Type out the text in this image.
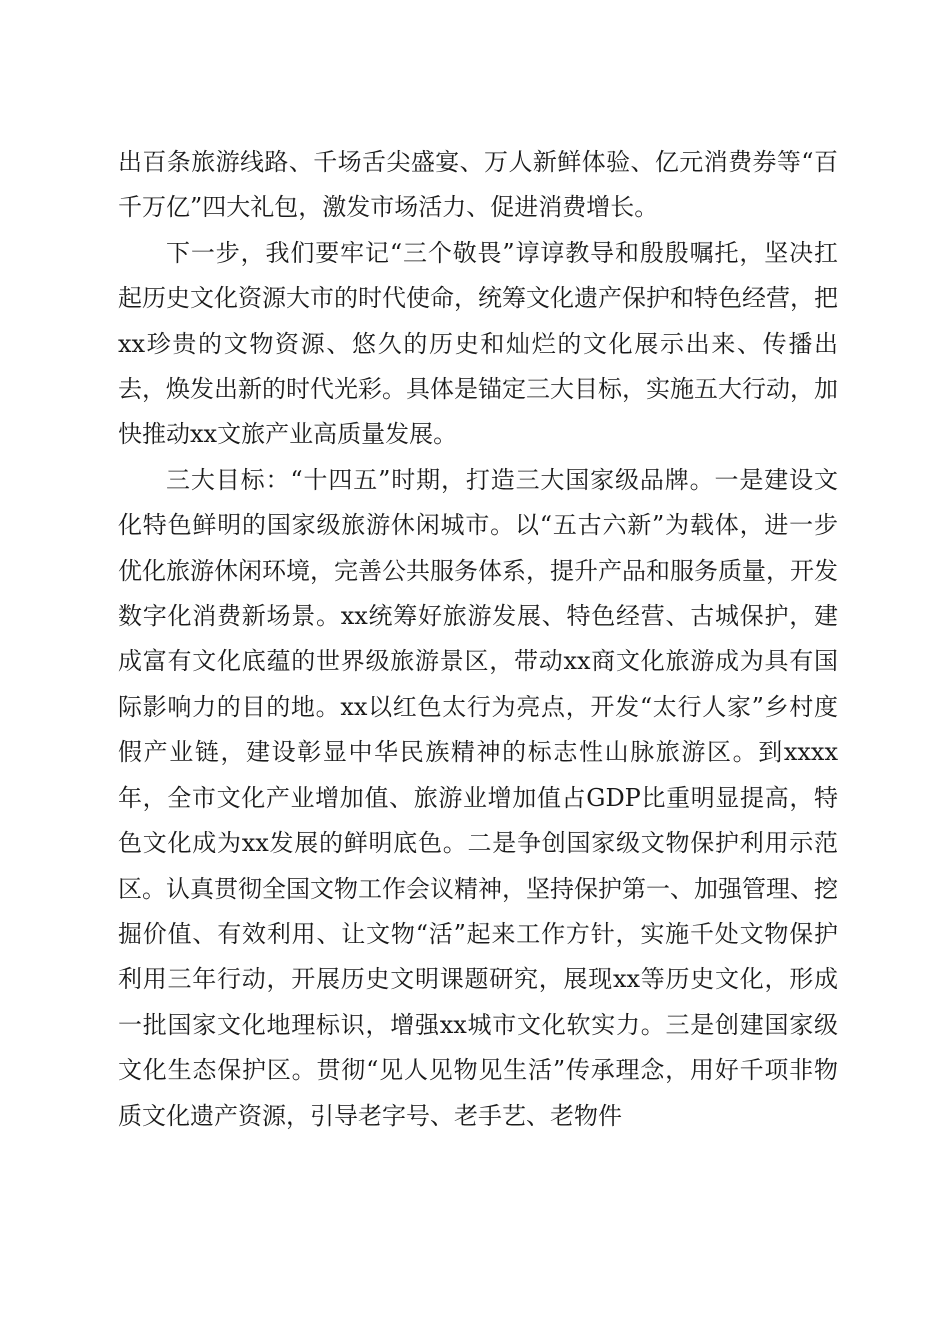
出百条旅游线路、千场舌尖盛宴、万人新鲜体验、亿元消费券等“百千万亿”四大礼包，激发市场活力、促进消费增长。

下一步，我们要牢记“三个敬畏”谆谆教导和殷殷嘱托，坚决扛起历史文化资源大市的时代使命，统筹文化遗产保护和特色经营，把xx珍贵的文物资源、悠久的历史和灿烂的文化展示出来、传播出去，焕发出新的时代光彩。具体是锚定三大目标，实施五大行动，加快推动xx文旅产业高质量发展。

三大目标：“十四五”时期，打造三大国家级品牌。一是建设文化特色鲜明的国家级旅游休闲城市。以“五古六新”为载体，进一步优化旅游休闲环境，完善公共服务体系，提升产品和服务质量，开发数字化消费新场景。xx统筹好旅游发展、特色经营、古城保护，建成富有文化底蕴的世界级旅游景区，带动xx商文化旅游成为具有国际影响力的目的地。xx以红色太行为亮点，开发“太行人家”乡村度假产业链，建设彰显中华民族精神的标志性山脉旅游区。到xxxx年，全市文化产业增加值、旅游业增加值占GDP比重明显提高，特色文化成为xx发展的鲜明底色。二是争创国家级文物保护利用示范区。认真贯彻全国文物工作会议精神，坚持保护第一、加强管理、挖掘价值、有效利用、让文物“活”起来工作方针，实施千处文物保护利用三年行动，开展历史文明课题研究，展现xx等历史文化，形成一批国家文化地理标识，增强xx城市文化软实力。三是创建国家级文化生态保护区。贯彻“见人见物见生活”传承理念，用好千项非物质文化遗产资源，引导老字号、老手艺、老物件
